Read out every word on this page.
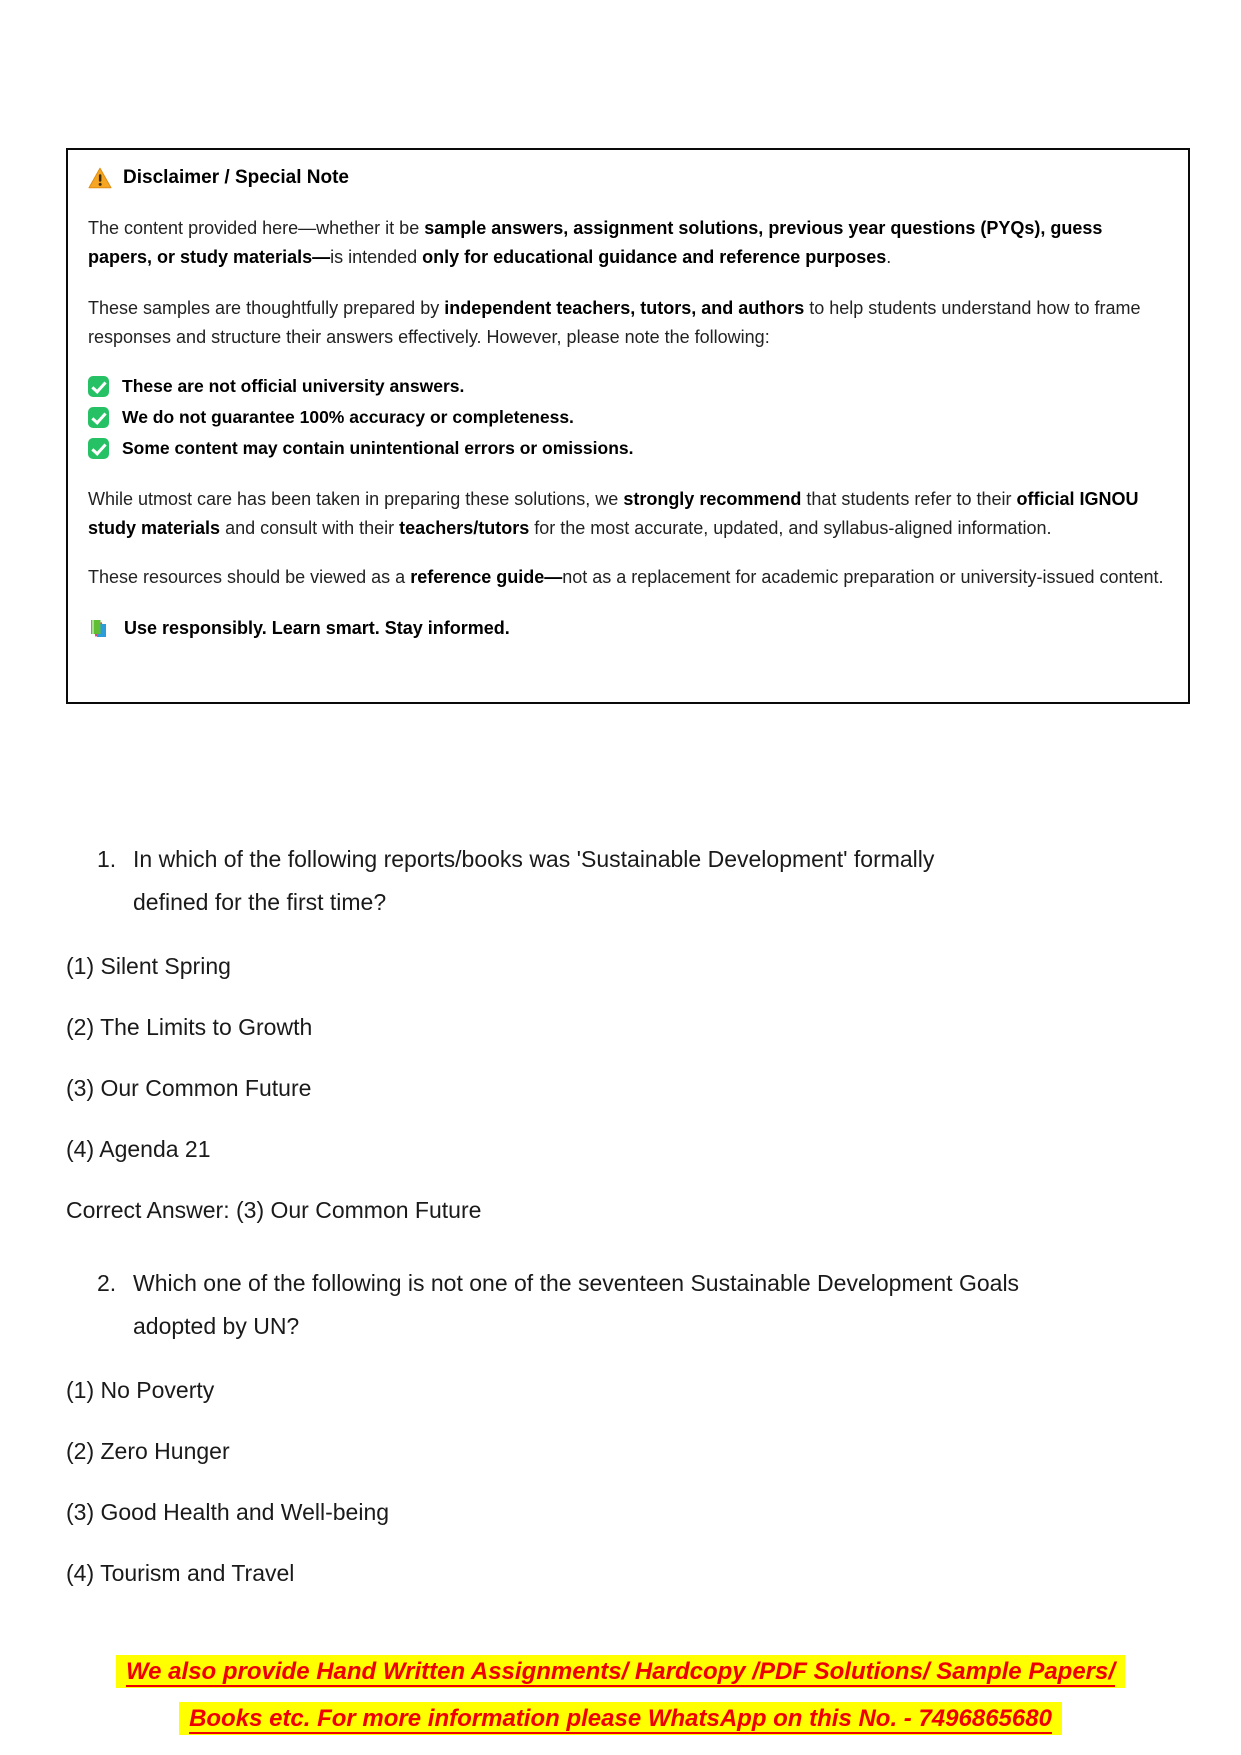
Disclaimer / Special Note

The content provided here—whether it be sample answers, assignment solutions, previous year questions (PYQs), guess papers, or study materials—is intended only for educational guidance and reference purposes.

These samples are thoughtfully prepared by independent teachers, tutors, and authors to help students understand how to frame responses and structure their answers effectively. However, please note the following:

These are not official university answers.
We do not guarantee 100% accuracy or completeness.
Some content may contain unintentional errors or omissions.

While utmost care has been taken in preparing these solutions, we strongly recommend that students refer to their official IGNOU study materials and consult with their teachers/tutors for the most accurate, updated, and syllabus-aligned information.

These resources should be viewed as a reference guide—not as a replacement for academic preparation or university-issued content.

Use responsibly. Learn smart. Stay informed.
1. In which of the following reports/books was 'Sustainable Development' formally defined for the first time?
(1) Silent Spring
(2) The Limits to Growth
(3) Our Common Future
(4) Agenda 21
Correct Answer: (3) Our Common Future
2. Which one of the following is not one of the seventeen Sustainable Development Goals adopted by UN?
(1) No Poverty
(2) Zero Hunger
(3) Good Health and Well-being
(4) Tourism and Travel
We also provide Hand Written Assignments/ Hardcopy /PDF Solutions/ Sample Papers/
Books etc. For more information please WhatsApp on this No. - 7496865680
